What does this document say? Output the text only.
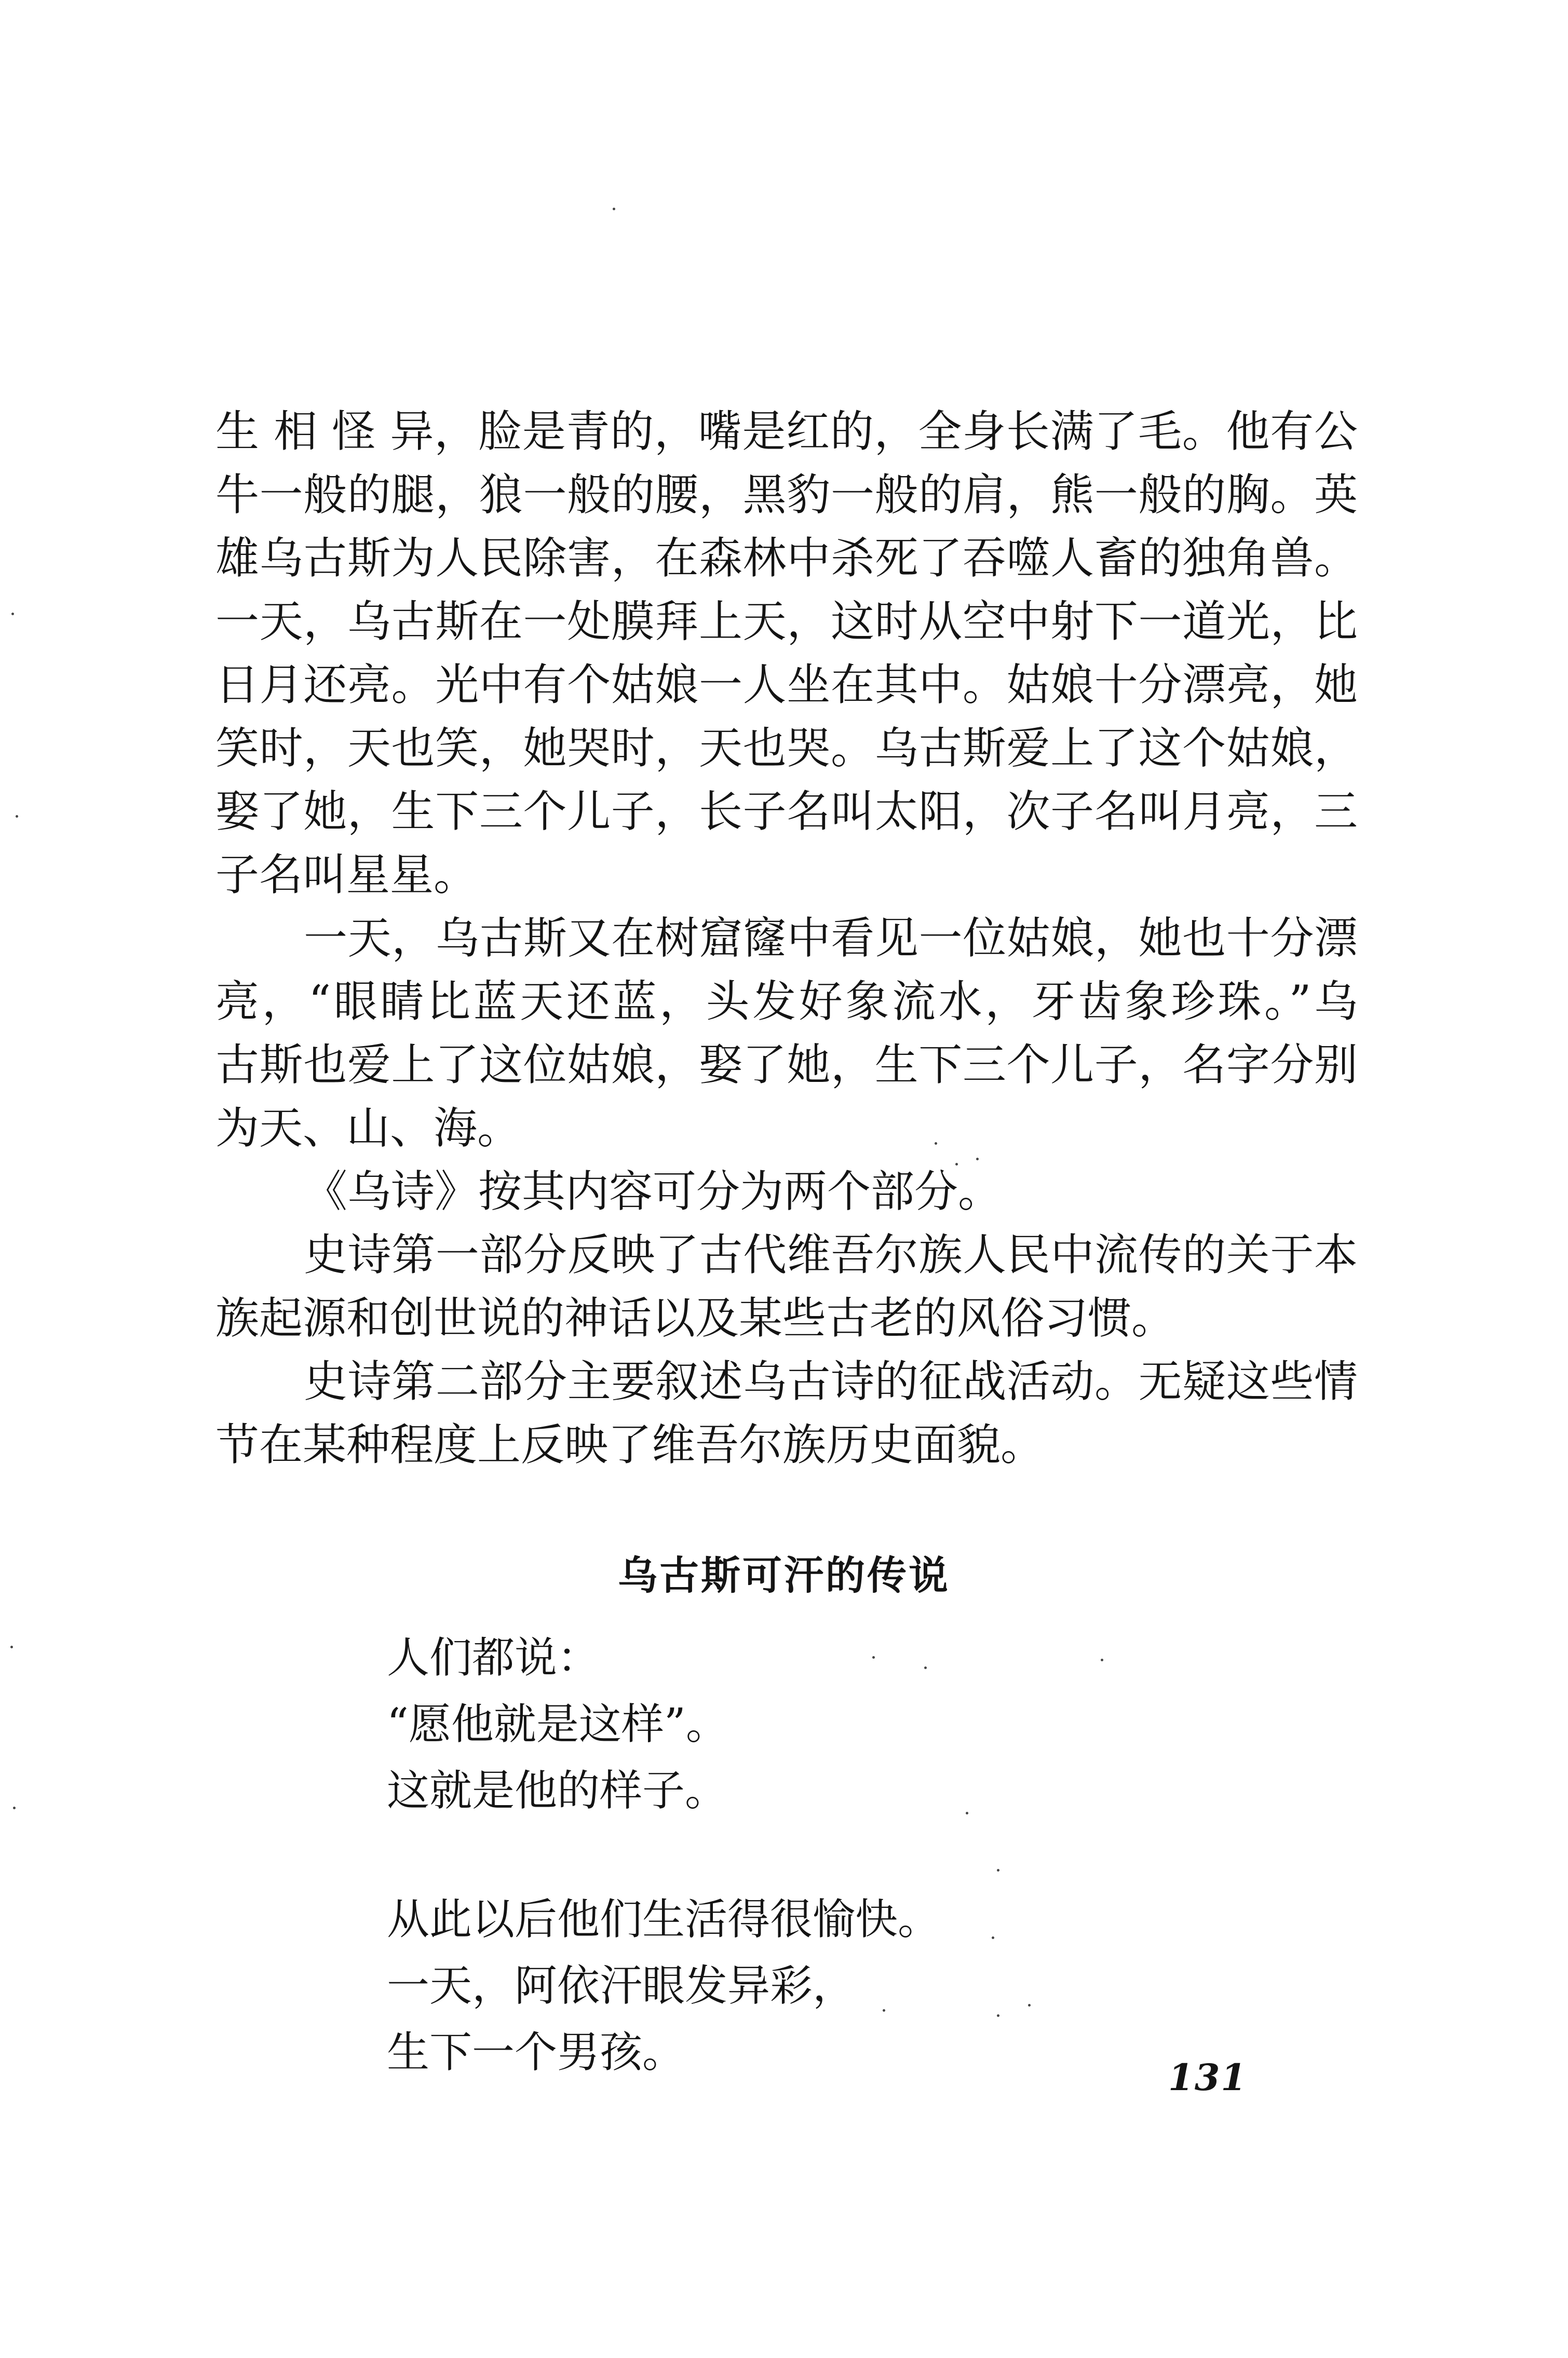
生 相 怪 异，脸是青的，嘴是红的，全身长满了毛。他有公
牛一般的腿，狼一般的腰，黑豹一般的肩，熊一般的胸。英
雄乌古斯为人民除害，在森林中杀死了吞噬人畜的独角兽。
一天，乌古斯在一处膜拜上天，这时从空中射下一道光，比
日月还亮。光中有个姑娘一人坐在其中。姑娘十分漂亮，她
笑时，天也笑，她哭时，天也哭。乌古斯爱上了这个姑娘，
娶了她，生下三个儿子，长子名叫太阳，次子名叫月亮，三
子名叫星星。
一天，乌古斯又在树窟窿中看见一位姑娘，她也十分漂
亮，“眼睛比蓝天还蓝，头发好象流水，牙齿象珍珠。”乌
古斯也爱上了这位姑娘，娶了她，生下三个儿子，名字分别
为天、山、海。
《乌诗》按其内容可分为两个部分。
史诗第一部分反映了古代维吾尔族人民中流传的关于本
族起源和创世说的神话以及某些古老的风俗习惯。
史诗第二部分主要叙述乌古诗的征战活动。无疑这些情
节在某种程度上反映了维吾尔族历史面貌。
乌古斯可汗的传说
人们都说：
“愿他就是这样”。
这就是他的样子。
从此以后他们生活得很愉快。
一天，阿依汗眼发异彩，
生下一个男孩。
131
